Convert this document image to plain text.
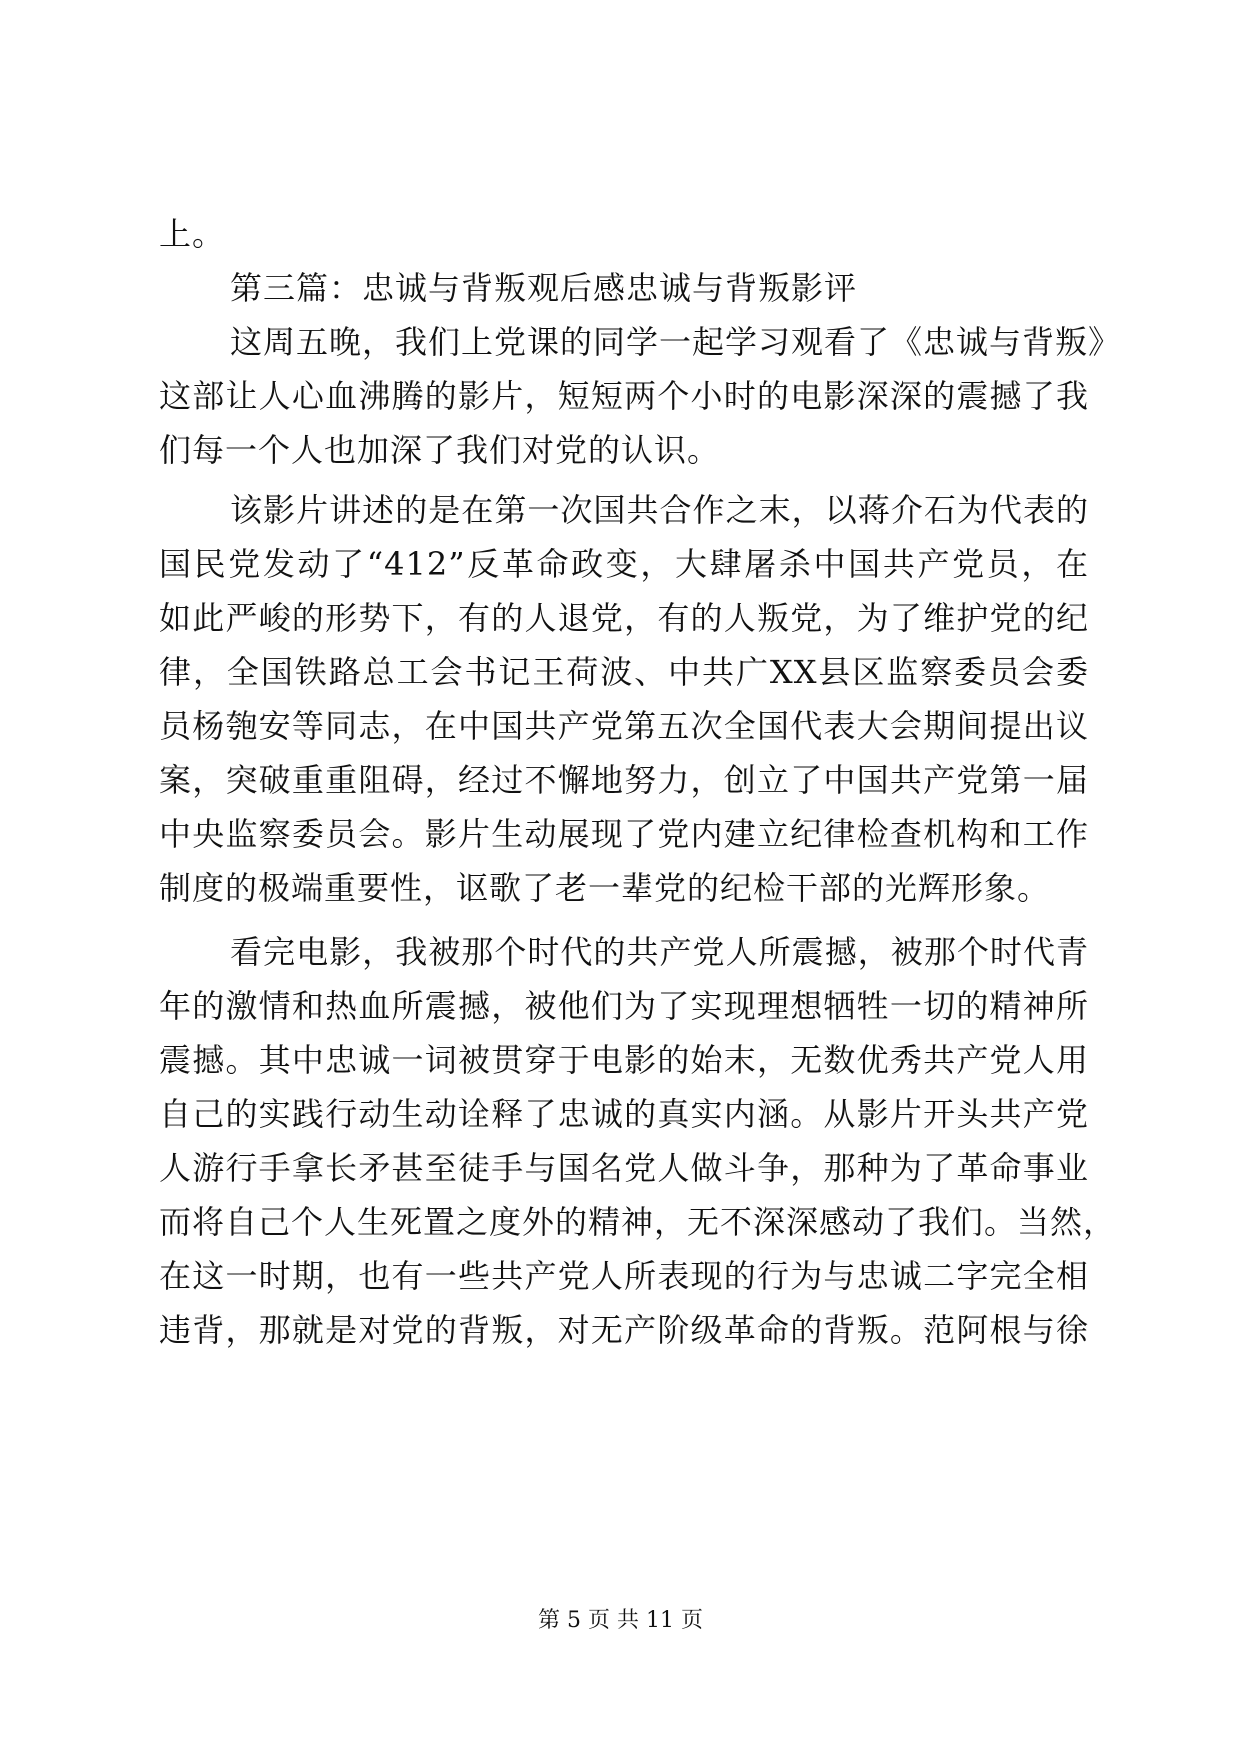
上。
第三篇：忠诚与背叛观后感忠诚与背叛影评
这周五晚，我们上党课的同学一起学习观看了《忠诚与背叛》
这部让人心血沸腾的影片，短短两个小时的电影深深的震撼了我
们每一个人也加深了我们对党的认识。
该影片讲述的是在第一次国共合作之末，以蒋介石为代表的
国民党发动了“412”反革命政变，大肆屠杀中国共产党员，在
如此严峻的形势下，有的人退党，有的人叛党，为了维护党的纪
律，全国铁路总工会书记王荷波、中共广XX县区监察委员会委
员杨匏安等同志，在中国共产党第五次全国代表大会期间提出议
案，突破重重阻碍，经过不懈地努力，创立了中国共产党第一届
中央监察委员会。影片生动展现了党内建立纪律检查机构和工作
制度的极端重要性，讴歌了老一辈党的纪检干部的光辉形象。
看完电影，我被那个时代的共产党人所震撼，被那个时代青
年的激情和热血所震撼，被他们为了实现理想牺牲一切的精神所
震撼。其中忠诚一词被贯穿于电影的始末，无数优秀共产党人用
自己的实践行动生动诠释了忠诚的真实内涵。从影片开头共产党
人游行手拿长矛甚至徒手与国名党人做斗争，那种为了革命事业
而将自己个人生死置之度外的精神，无不深深感动了我们。当然，
在这一时期，也有一些共产党人所表现的行为与忠诚二字完全相
违背，那就是对党的背叛，对无产阶级革命的背叛。范阿根与徐
第 5 页 共 11 页
